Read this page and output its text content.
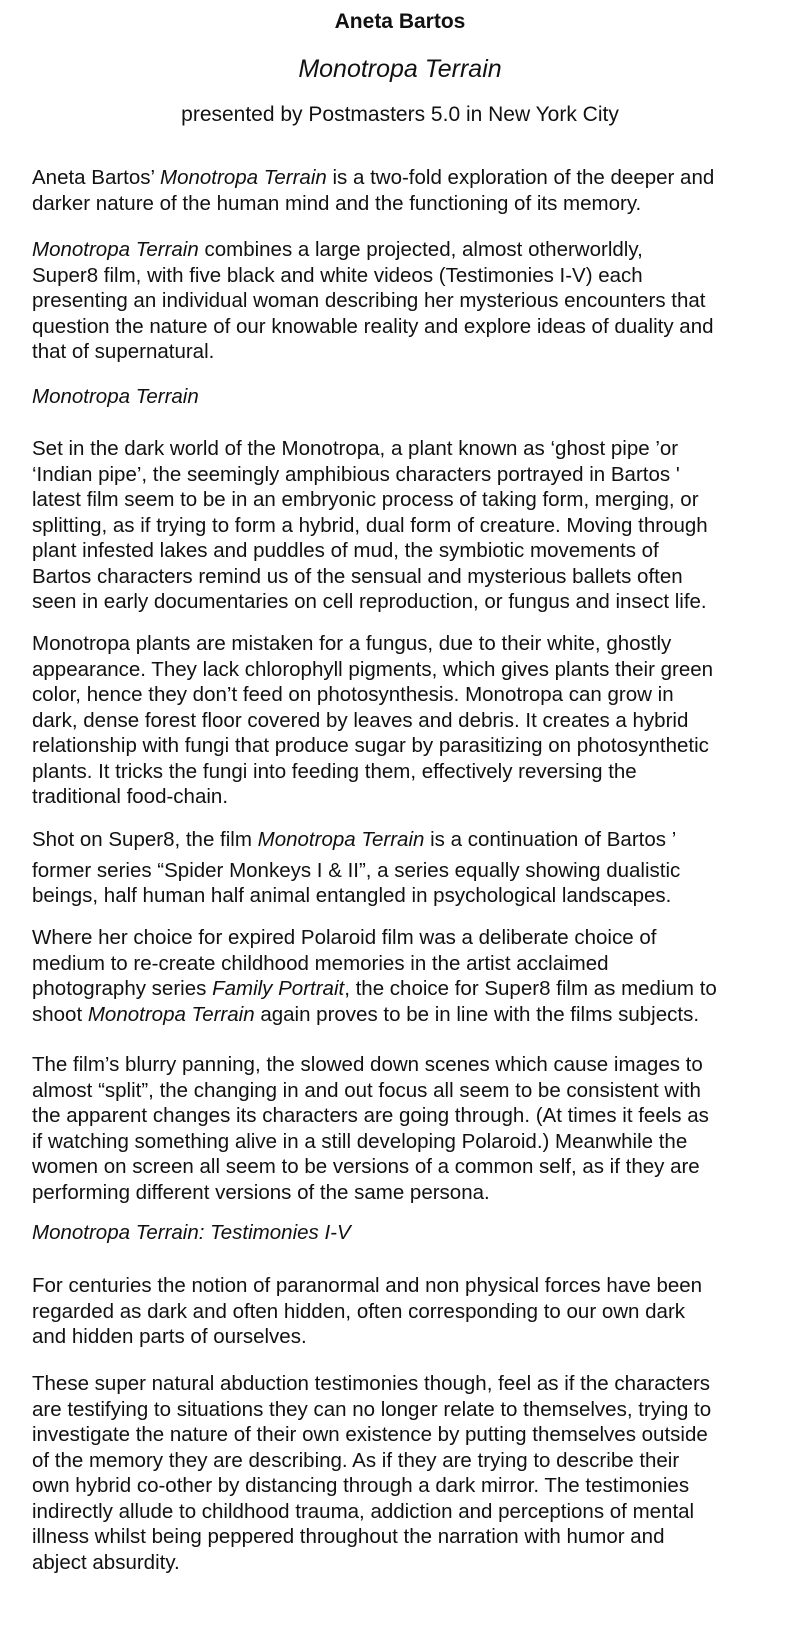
Aneta Bartos
Monotropa Terrain
presented by Postmasters 5.0 in New York City
Aneta Bartos’ Monotropa Terrain is a two-fold exploration of the deeper and
darker nature of the human mind and the functioning of its memory.
Monotropa Terrain combines a large projected, almost otherworldly,
Super8 film, with five black and white videos (Testimonies I-V) each
presenting an individual woman describing her mysterious encounters that
question the nature of our knowable reality and explore ideas of duality and
that of supernatural.
Monotropa Terrain
Set in the dark world of the Monotropa, a plant known as ‘ghost pipe ’or
‘Indian pipe’, the seemingly amphibious characters portrayed in Bartos '
latest film seem to be in an embryonic process of taking form, merging, or
splitting, as if trying to form a hybrid, dual form of creature. Moving through
plant infested lakes and puddles of mud, the symbiotic movements of
Bartos characters remind us of the sensual and mysterious ballets often
seen in early documentaries on cell reproduction, or fungus and insect life.
Monotropa plants are mistaken for a fungus, due to their white, ghostly
appearance. They lack chlorophyll pigments, which gives plants their green
color, hence they don’t feed on photosynthesis. Monotropa can grow in
dark, dense forest floor covered by leaves and debris. It creates a hybrid
relationship with fungi that produce sugar by parasitizing on photosynthetic
plants. It tricks the fungi into feeding them, effectively reversing the
traditional food-chain.
Shot on Super8, the film Monotropa Terrain is a continuation of Bartos ’
former series “Spider Monkeys I & II”, a series equally showing dualistic
beings, half human half animal entangled in psychological landscapes.
Where her choice for expired Polaroid film was a deliberate choice of
medium to re-create childhood memories in the artist acclaimed
photography series Family Portrait, the choice for Super8 film as medium to
shoot Monotropa Terrain again proves to be in line with the films subjects.
The film’s blurry panning, the slowed down scenes which cause images to
almost “split”, the changing in and out focus all seem to be consistent with
the apparent changes its characters are going through. (At times it feels as
if watching something alive in a still developing Polaroid.) Meanwhile the
women on screen all seem to be versions of a common self, as if they are
performing different versions of the same persona.
Monotropa Terrain: Testimonies I-V
For centuries the notion of paranormal and non physical forces have been
regarded as dark and often hidden, often corresponding to our own dark
and hidden parts of ourselves.
These super natural abduction testimonies though, feel as if the characters
are testifying to situations they can no longer relate to themselves, trying to
investigate the nature of their own existence by putting themselves outside
of the memory they are describing. As if they are trying to describe their
own hybrid co-other by distancing through a dark mirror. The testimonies
indirectly allude to childhood trauma, addiction and perceptions of mental
illness whilst being peppered throughout the narration with humor and
abject absurdity.
